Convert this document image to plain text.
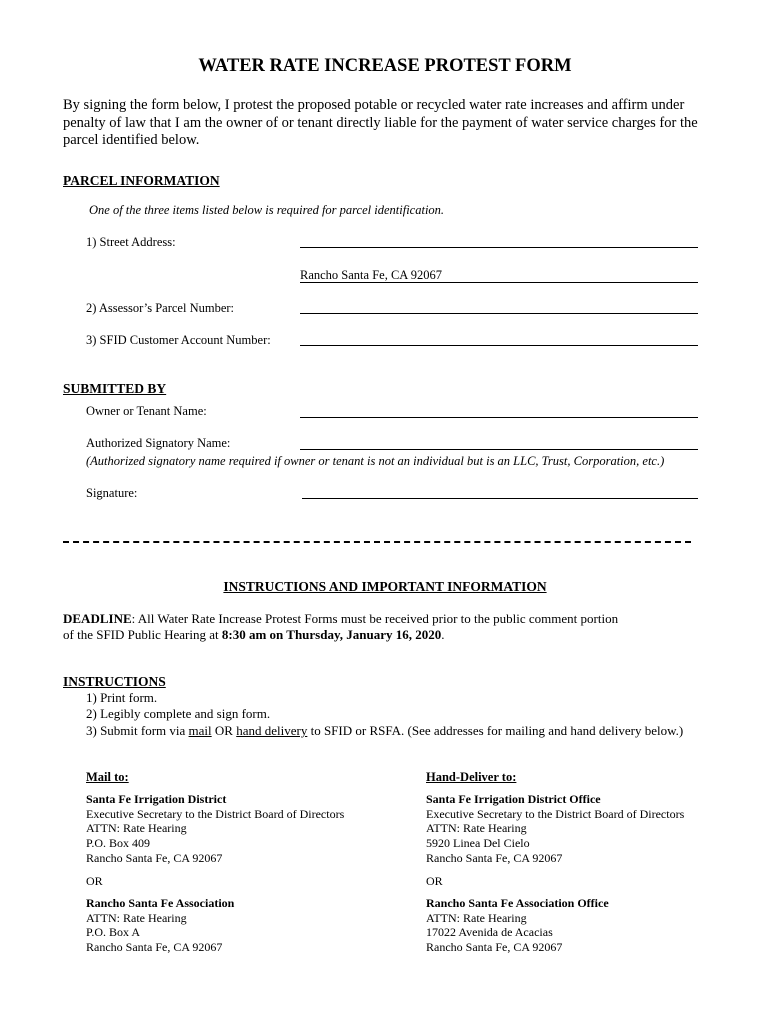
WATER RATE INCREASE PROTEST FORM
By signing the form below, I protest the proposed potable or recycled water rate increases and affirm under penalty of law that I am the owner of or tenant directly liable for the payment of water service charges for the parcel identified below.
PARCEL INFORMATION
One of the three items listed below is required for parcel identification.
1) Street Address:
Rancho Santa Fe, CA 92067
2) Assessor’s Parcel Number:
3) SFID Customer Account Number:
SUBMITTED BY
Owner or Tenant Name:
Authorized Signatory Name:
(Authorized signatory name required if owner or tenant is not an individual but is an LLC, Trust, Corporation, etc.)
Signature:
INSTRUCTIONS AND IMPORTANT INFORMATION
DEADLINE: All Water Rate Increase Protest Forms must be received prior to the public comment portion
of the SFID Public Hearing at 8:30 am on Thursday, January 16, 2020.
INSTRUCTIONS
1) Print form.
2) Legibly complete and sign form.
3) Submit form via mail OR hand delivery to SFID or RSFA. (See addresses for mailing and hand delivery below.)
Mail to:
Santa Fe Irrigation District
Executive Secretary to the District Board of Directors
ATTN: Rate Hearing
P.O. Box 409
Rancho Santa Fe, CA 92067
OR
Rancho Santa Fe Association
ATTN: Rate Hearing
P.O. Box A
Rancho Santa Fe, CA 92067
Hand-Deliver to:
Santa Fe Irrigation District Office
Executive Secretary to the District Board of Directors
ATTN: Rate Hearing
5920 Linea Del Cielo
Rancho Santa Fe, CA 92067
OR
Rancho Santa Fe Association Office
ATTN: Rate Hearing
17022 Avenida de Acacias
Rancho Santa Fe, CA 92067
